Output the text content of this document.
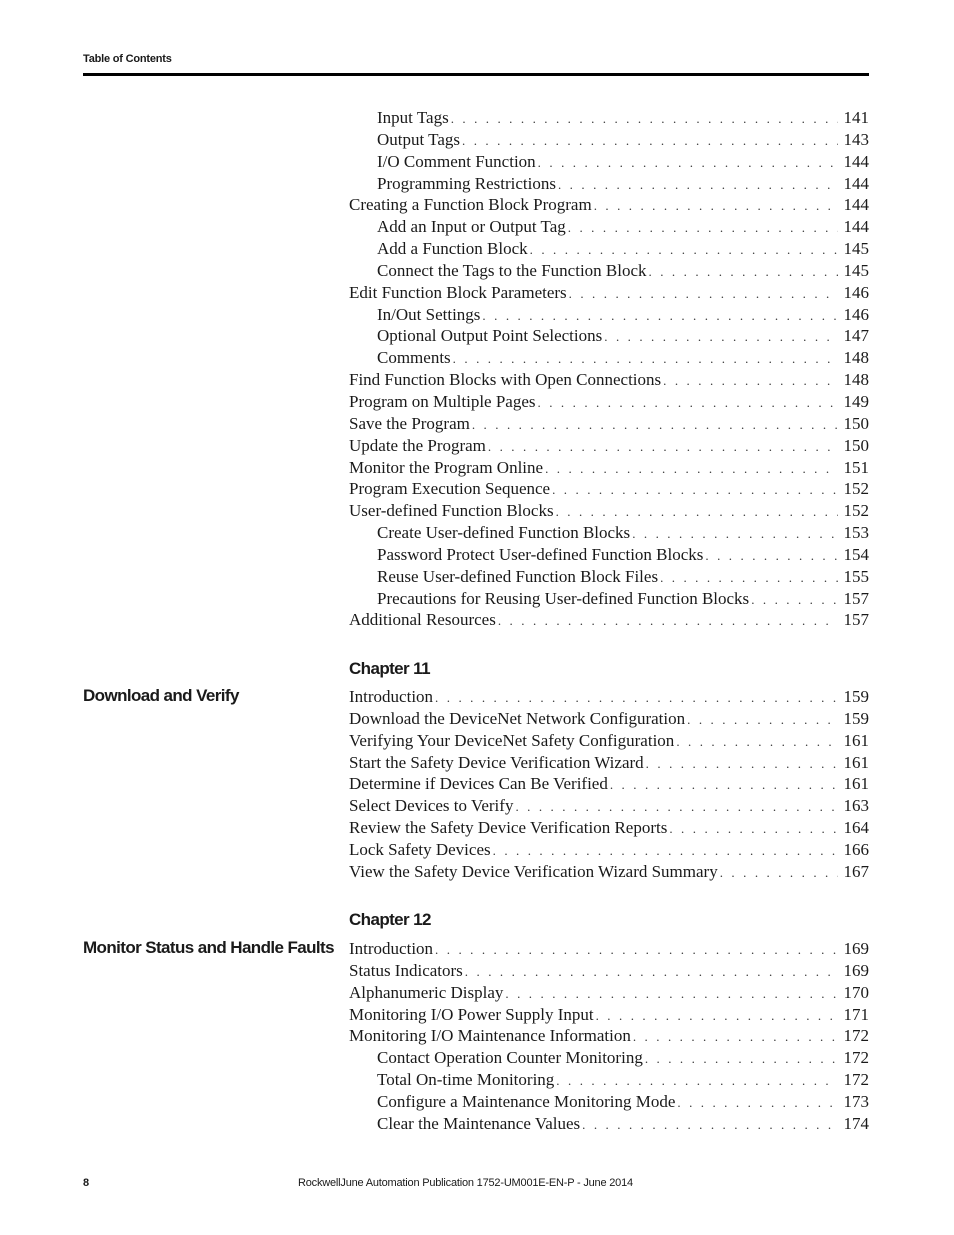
Table of Contents
Input Tags . . .	141
Output Tags . . .	143
I/O Comment Function . . .	144
Programming Restrictions . . .	144
Creating a Function Block Program . . .	144
Add an Input or Output Tag . . .	144
Add a Function Block . . .	145
Connect the Tags to the Function Block . . .	145
Edit Function Block Parameters . . .	146
In/Out Settings . . .	146
Optional Output Point Selections . . .	147
Comments . . .	148
Find Function Blocks with Open Connections . . .	148
Program on Multiple Pages . . .	149
Save the Program . . .	150
Update the Program . . .	150
Monitor the Program Online . . .	151
Program Execution Sequence . . .	152
User-defined Function Blocks . . .	152
Create User-defined Function Blocks . . .	153
Password Protect User-defined Function Blocks . . .	154
Reuse User-defined Function Block Files . . .	155
Precautions for Reusing User-defined Function Blocks . . .	157
Additional Resources . . .	157
Chapter 11
Download and Verify	Introduction . . .	159
Download the DeviceNet Network Configuration . . .	159
Verifying Your DeviceNet Safety Configuration . . .	161
Start the Safety Device Verification Wizard . . .	161
Determine if Devices Can Be Verified . . .	161
Select Devices to Verify . . .	163
Review the Safety Device Verification Reports . . .	164
Lock Safety Devices . . .	166
View the Safety Device Verification Wizard Summary . . .	167
Chapter 12
Monitor Status and Handle Faults Introduction . . .	169
Status Indicators . . .	169
Alphanumeric Display . . .	170
Monitoring I/O Power Supply Input . . .	171
Monitoring I/O Maintenance Information . . .	172
Contact Operation Counter Monitoring . . .	172
Total On-time Monitoring . . .	172
Configure a Maintenance Monitoring Mode . . .	173
Clear the Maintenance Values . . .	174
8	RockwellJune Automation Publication 1752-UM001E-EN-P - June 2014
